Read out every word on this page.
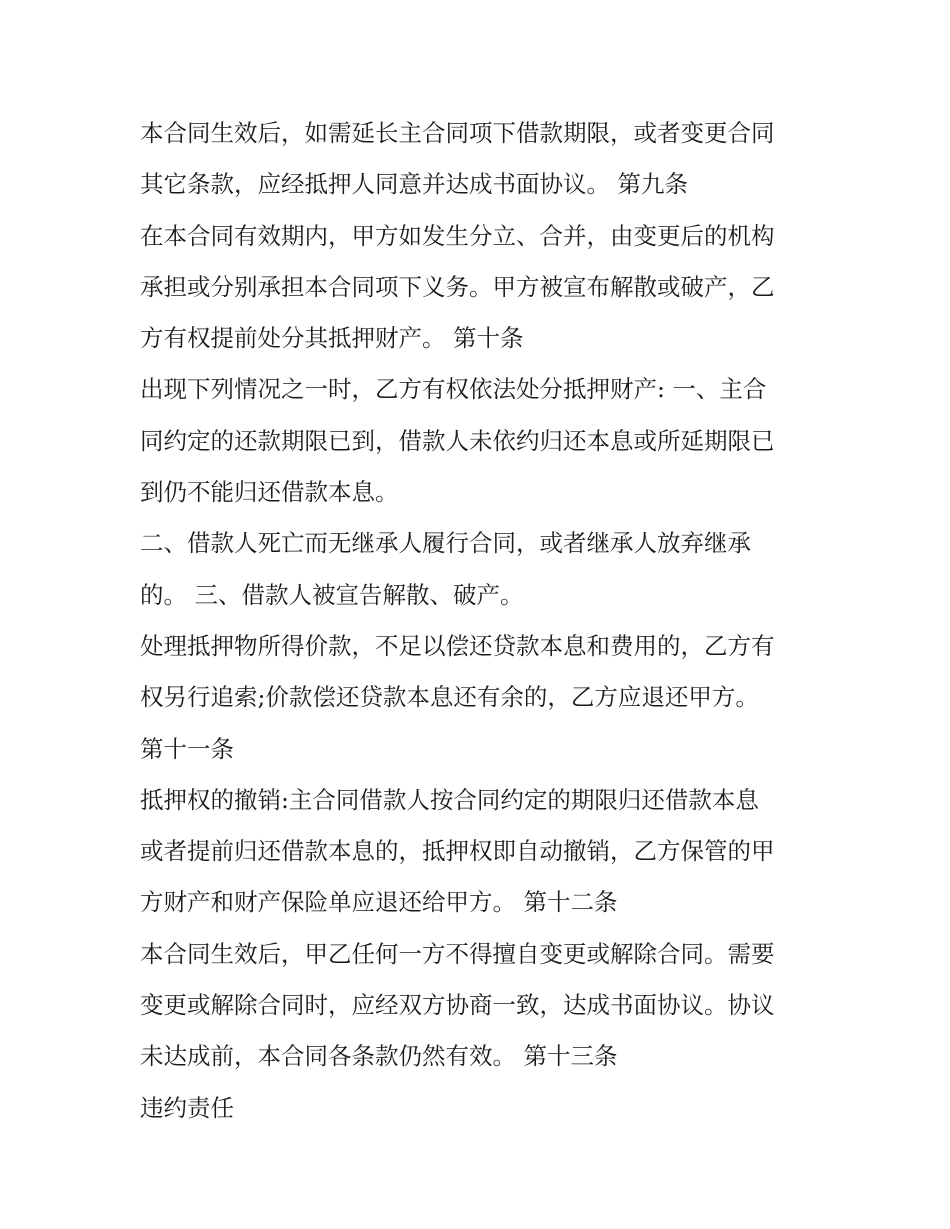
本合同生效后，如需延长主合同项下借款期限，或者变更合同
其它条款，应经抵押人同意并达成书面协议。 第九条
在本合同有效期内，甲方如发生分立、合并，由变更后的机构
承担或分别承担本合同项下义务。甲方被宣布解散或破产，乙
方有权提前处分其抵押财产。 第十条
出现下列情况之一时，乙方有权依法处分抵押财产: 一、主合
同约定的还款期限已到，借款人未依约归还本息或所延期限已
到仍不能归还借款本息。
二、借款人死亡而无继承人履行合同，或者继承人放弃继承
的。 三、借款人被宣告解散、破产。
处理抵押物所得价款，不足以偿还贷款本息和费用的，乙方有
权另行追索;价款偿还贷款本息还有余的，乙方应退还甲方。
第十一条
抵押权的撤销:主合同借款人按合同约定的期限归还借款本息
或者提前归还借款本息的，抵押权即自动撤销，乙方保管的甲
方财产和财产保险单应退还给甲方。 第十二条
本合同生效后，甲乙任何一方不得擅自变更或解除合同。需要
变更或解除合同时，应经双方协商一致，达成书面协议。协议
未达成前，本合同各条款仍然有效。 第十三条
违约责任
